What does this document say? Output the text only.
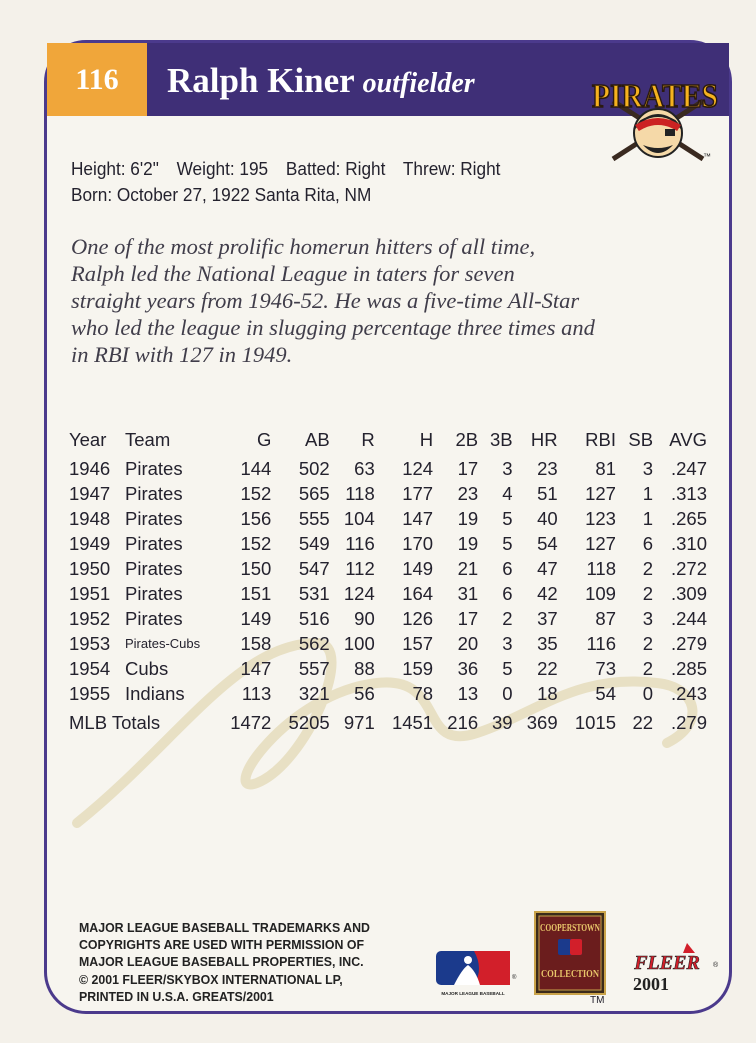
116	Ralph Kiner outfielder	PIRATES
™
Height: 6'2" Weight: 195 Batted: Right Threw: Right
Born: October 27, 1922 Santa Rita, NM
One of the most prolific homerun hitters of all time,
Ralph led the National League in taters for seven
straight years from 1946-52. He was a five-time All-Star
who led the league in slugging percentage three times and
in RBI with 127 in 1949.
Year	Team	G	AB	R	H	2B	3B	HR	RBI	SB	AVG
1946	Pirates	144	502	63	124	17	3	23	81	3	.247
1947	Pirates	152	565	118	177	23	4	51	127	1	.313
1948	Pirates	156	555	104	147	19	5	40	123	1	.265
1949	Pirates	152	549	116	170	19	5	54	127	6	.310
1950	Pirates	150	547	112	149	21	6	47	118	2	.272
1951	Pirates	151	531	124	164	31	6	42	109	2	.309
1952	Pirates	149	516	90	126	17	2	37	87	3	.244
1953	Pirates-Cubs	158	562	100	157	20	3	35	116	2	.279
1954	Cubs	147	557	88	159	36	5	22	73	2	.285
1955	Indians	113	321	56	78	13	0	18	54	0	.243
MLB Totals		1472	5205	971	1451	216	39	369	1015	22	.279
MAJOR LEAGUE BASEBALL TRADEMARKS AND
COPYRIGHTS ARE USED WITH PERMISSION OF
MAJOR LEAGUE BASEBALL PROPERTIES, INC.
© 2001 FLEER/SKYBOX INTERNATIONAL LP,
PRINTED IN U.S.A. GREATS/2001
®
MAJOR LEAGUE BASEBALL
COOPERSTOWN
COLLECTION
TM
FLEER ®
2001
